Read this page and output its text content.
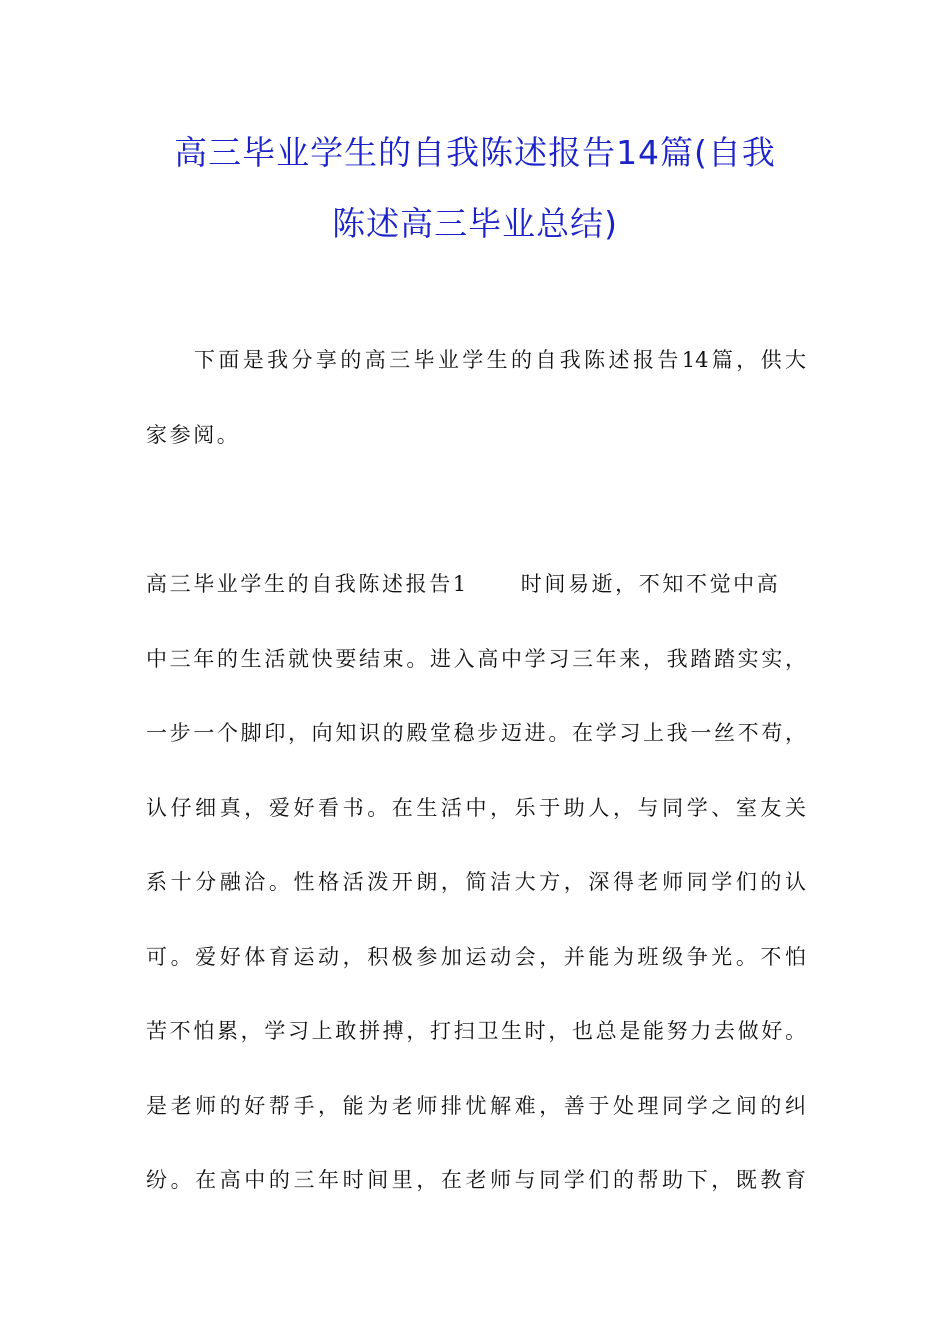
高三毕业学生的自我陈述报告14篇(自我
陈述高三毕业总结)
下面是我分享的高三毕业学生的自我陈述报告14篇，供大
家参阅。
高三毕业学生的自我陈述报告1 时间易逝，不知不觉中高
中三年的生活就快要结束。进入高中学习三年来，我踏踏实实，
一步一个脚印，向知识的殿堂稳步迈进。在学习上我一丝不苟，
认仔细真，爱好看书。在生活中，乐于助人，与同学、室友关
系十分融洽。性格活泼开朗，简洁大方，深得老师同学们的认
可。爱好体育运动，积极参加运动会，并能为班级争光。不怕
苦不怕累，学习上敢拼搏，打扫卫生时，也总是能努力去做好。
是老师的好帮手，能为老师排忧解难，善于处理同学之间的纠
纷。在高中的三年时间里，在老师与同学们的帮助下，既教育
